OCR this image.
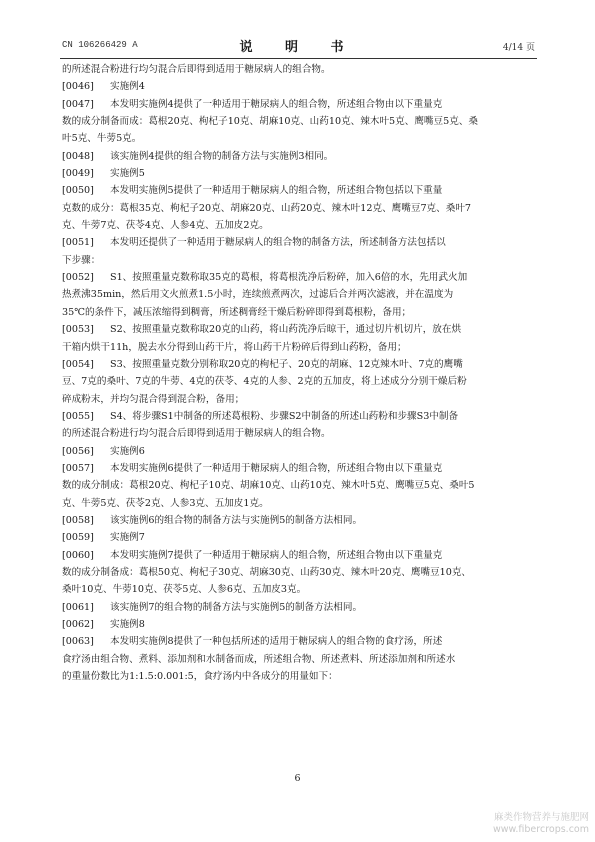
CN 106266429 A	说 明 书	4/14 页
的所述混合粉进行均匀混合后即得到适用于糖尿病人的组合物。
[0046] 实施例4
[0047] 本发明实施例4提供了一种适用于糖尿病人的组合物，所述组合物由以下重量克
数的成分制备而成：葛根20克、枸杞子10克、胡麻10克、山药10克、辣木叶5克、鹰嘴豆5克、桑
叶5克、牛蒡5克。
[0048] 该实施例4提供的组合物的制备方法与实施例3相同。
[0049] 实施例5
[0050] 本发明实施例5提供了一种适用于糖尿病人的组合物，所述组合物包括以下重量
克数的成分：葛根35克、枸杞子20克、胡麻20克、山药20克、辣木叶12克、鹰嘴豆7克、桑叶7
克、牛蒡7克、茯苓4克、人参4克、五加皮2克。
[0051] 本发明还提供了一种适用于糖尿病人的组合物的制备方法，所述制备方法包括以
下步骤：
[0052] S1、按照重量克数称取35克的葛根，将葛根洗净后粉碎，加入6倍的水，先用武火加
热煮沸35min，然后用文火煎煮1.5小时，连续煎煮两次，过滤后合并两次滤液，并在温度为
35℃的条件下，减压浓缩得到稠膏，所述稠膏经干燥后粉碎即得到葛根粉，备用；
[0053] S2、按照重量克数称取20克的山药，将山药洗净后晾干，通过切片机切片，放在烘
干箱内烘干11h，脱去水分得到山药干片，将山药干片粉碎后得到山药粉，备用；
[0054] S3、按照重量克数分别称取20克的枸杞子、20克的胡麻、12克辣木叶、7克的鹰嘴
豆、7克的桑叶、7克的牛蒡、4克的茯苓、4克的人参、2克的五加皮，将上述成分分别干燥后粉
碎成粉末，并均匀混合得到混合粉，备用；
[0055] S4、将步骤S1中制备的所述葛根粉、步骤S2中制备的所述山药粉和步骤S3中制备
的所述混合粉进行均匀混合后即得到适用于糖尿病人的组合物。
[0056] 实施例6
[0057] 本发明实施例6提供了一种适用于糖尿病人的组合物，所述组合物由以下重量克
数的成分制成：葛根20克、枸杞子10克、胡麻10克、山药10克、辣木叶5克、鹰嘴豆5克、桑叶5
克、牛蒡5克、茯苓2克、人参3克、五加皮1克。
[0058] 该实施例6的组合物的制备方法与实施例5的制备方法相同。
[0059] 实施例7
[0060] 本发明实施例7提供了一种适用于糖尿病人的组合物，所述组合物由以下重量克
数的成分制备成：葛根50克、枸杞子30克、胡麻30克、山药30克、辣木叶20克、鹰嘴豆10克、
桑叶10克、牛蒡10克、茯苓5克、人参6克、五加皮3克。
[0061] 该实施例7的组合物的制备方法与实施例5的制备方法相同。
[0062] 实施例8
[0063] 本发明实施例8提供了一种包括所述的适用于糖尿病人的组合物的食疗汤，所述
食疗汤由组合物、煮料、添加剂和水制备而成，所述组合物、所述煮料、所述添加剂和所述水
的重量份数比为1:1.5:0.001:5，食疗汤内中各成分的用量如下：
6
麻类作物营养与施肥网
www.fibercrops.com
